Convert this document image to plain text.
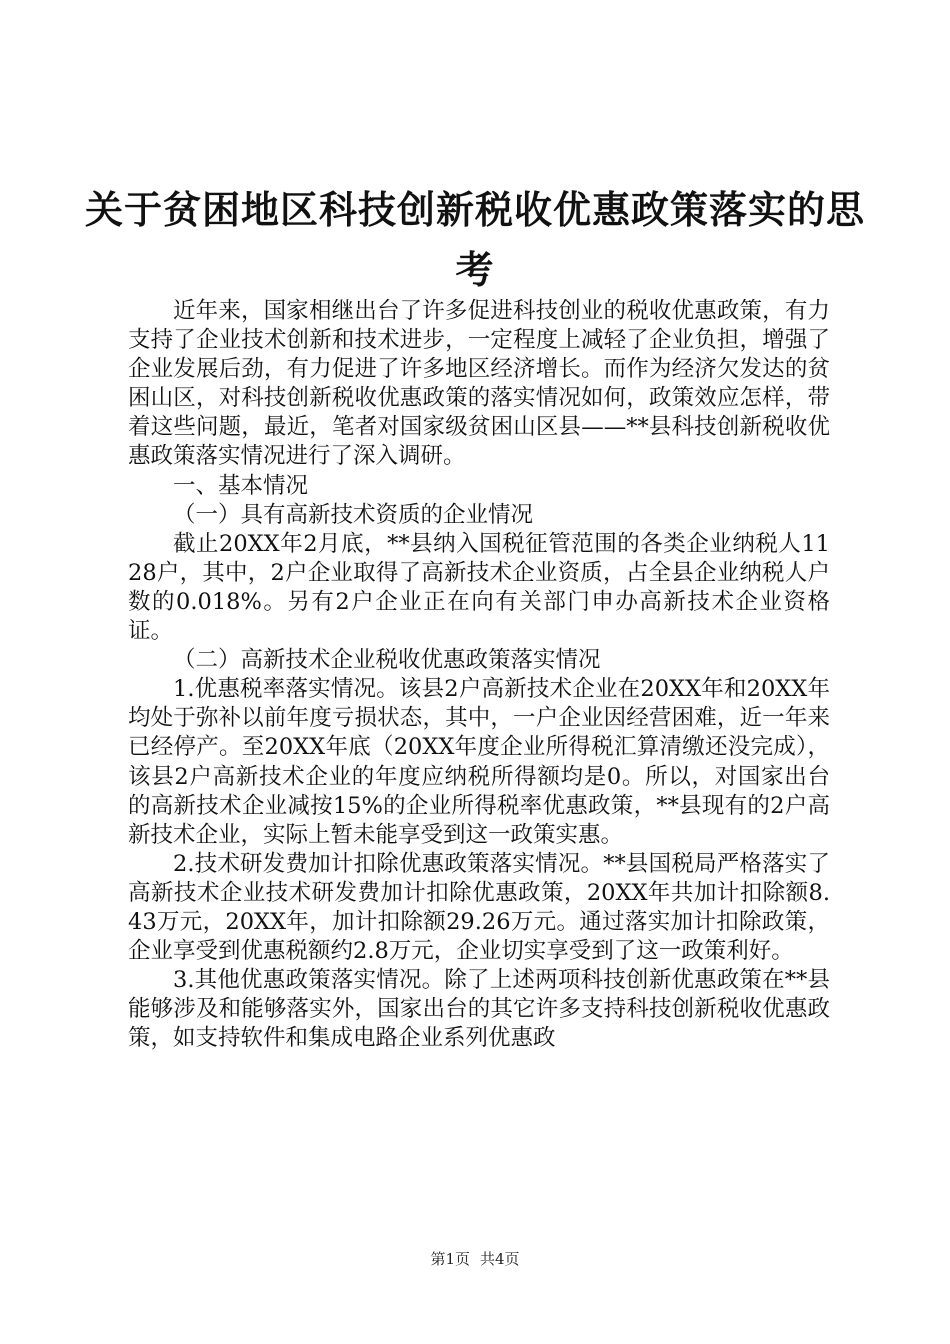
关于贫困地区科技创新税收优惠政策落实的思
考

近年来，国家相继出台了许多促进科技创业的税收优惠政策，有力支持了企业技术创新和技术进步，一定程度上减轻了企业负担，增强了企业发展后劲，有力促进了许多地区经济增长。而作为经济欠发达的贫困山区，对科技创新税收优惠政策的落实情况如何，政策效应怎样，带着这些问题，最近，笔者对国家级贫困山区县——**县科技创新税收优惠政策落实情况进行了深入调研。

一、基本情况

（一）具有高新技术资质的企业情况

截止20XX年2月底，**县纳入国税征管范围的各类企业纳税人1128户，其中，2户企业取得了高新技术企业资质，占全县企业纳税人户数的0.018%。另有2户企业正在向有关部门申办高新技术企业资格证。

（二）高新技术企业税收优惠政策落实情况

1.优惠税率落实情况。该县2户高新技术企业在20XX年和20XX年均处于弥补以前年度亏损状态，其中，一户企业因经营困难，近一年来已经停产。至20XX年底（20XX年度企业所得税汇算清缴还没完成），该县2户高新技术企业的年度应纳税所得额均是0。所以，对国家出台的高新技术企业减按15%的企业所得税率优惠政策，**县现有的2户高新技术企业，实际上暂未能享受到这一政策实惠。

2.技术研发费加计扣除优惠政策落实情况。**县国税局严格落实了高新技术企业技术研发费加计扣除优惠政策，20XX年共加计扣除额8.43万元，20XX年，加计扣除额29.26万元。通过落实加计扣除政策，企业享受到优惠税额约2.8万元，企业切实享受到了这一政策利好。

3.其他优惠政策落实情况。除了上述两项科技创新优惠政策在**县能够涉及和能够落实外，国家出台的其它许多支持科技创新税收优惠政策，如支持软件和集成电路企业系列优惠政

第1页 共4页
